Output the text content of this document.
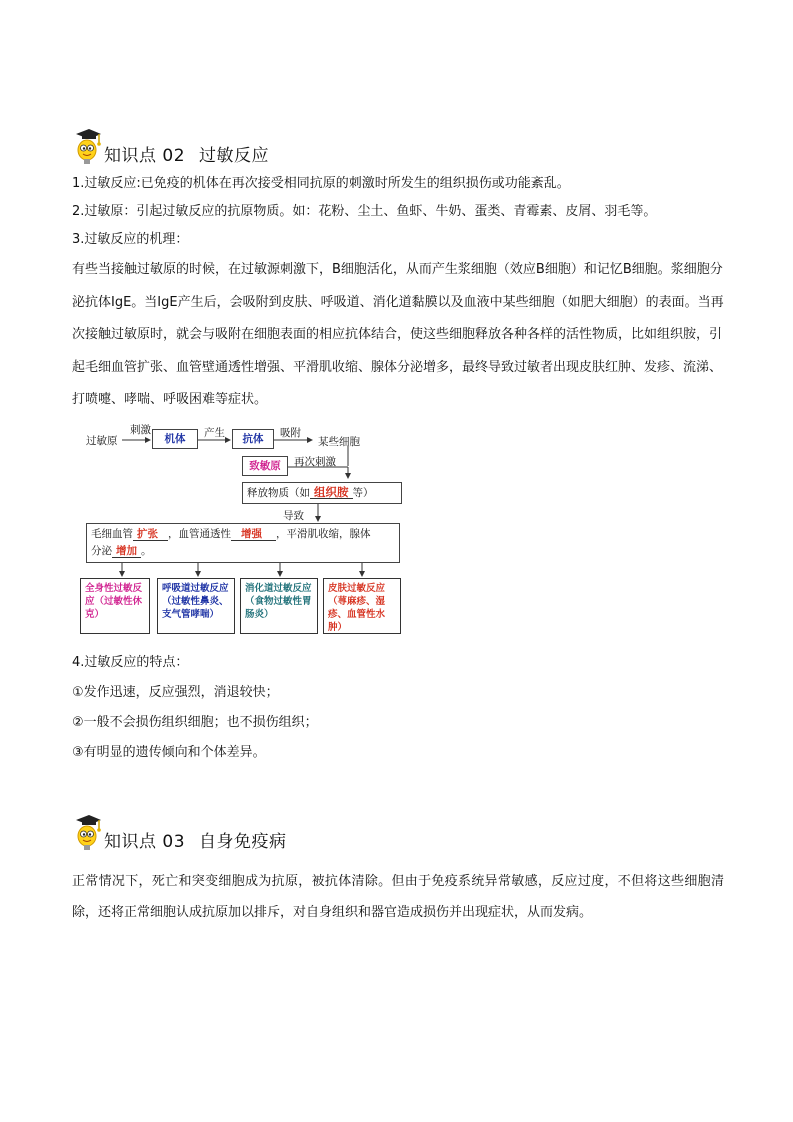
知识点 02 过敏反应

1.过敏反应:已免疫的机体在再次接受相同抗原的刺激时所发生的组织损伤或功能紊乱。

2.过敏原：引起过敏反应的抗原物质。如：花粉、尘土、鱼虾、牛奶、蛋类、青霉素、皮屑、羽毛等。

3.过敏反应的机理：

有些当接触过敏原的时候，在过敏源刺激下，B细胞活化，从而产生浆细胞（效应B细胞）和记忆B细胞。浆细胞分泌抗体IgE。当IgE产生后，会吸附到皮肤、呼吸道、消化道黏膜以及血液中某些细胞（如肥大细胞）的表面。当再次接触过敏原时，就会与吸附在细胞表面的相应抗体结合，使这些细胞释放各种各样的活性物质，比如组织胺，引起毛细血管扩张、血管壁通透性增强、平滑肌收缩、腺体分泌增多，最终导致过敏者出现皮肤红肿、发疹、流涕、打喷嚏、哮喘、呼吸困难等症状。

过敏原
刺激
机体	产生	抗体	吸附
某些细胞
致敏原	再次刺激
释放物质（如 组织胺 等）
导致
毛细血管 扩张 ，血管通透性 增强 ，平滑肌收缩，腺体
分泌 增加 。
全身性过敏反应（过敏性休克）
呼吸道过敏反应（过敏性鼻炎、支气管哮喘）
消化道过敏反应（食物过敏性胃肠炎）
皮肤过敏反应（荨麻疹、湿疹、血管性水肿）

4.过敏反应的特点：

①发作迅速，反应强烈，消退较快；

②一般不会损伤组织细胞；也不损伤组织；

③有明显的遗传倾向和个体差异。

知识点 03 自身免疫病

正常情况下，死亡和突变细胞成为抗原，被抗体清除。但由于免疫系统异常敏感，反应过度，不但将这些细胞清除，还将正常细胞认成抗原加以排斥，对自身组织和器官造成损伤并出现症状，从而发病。
